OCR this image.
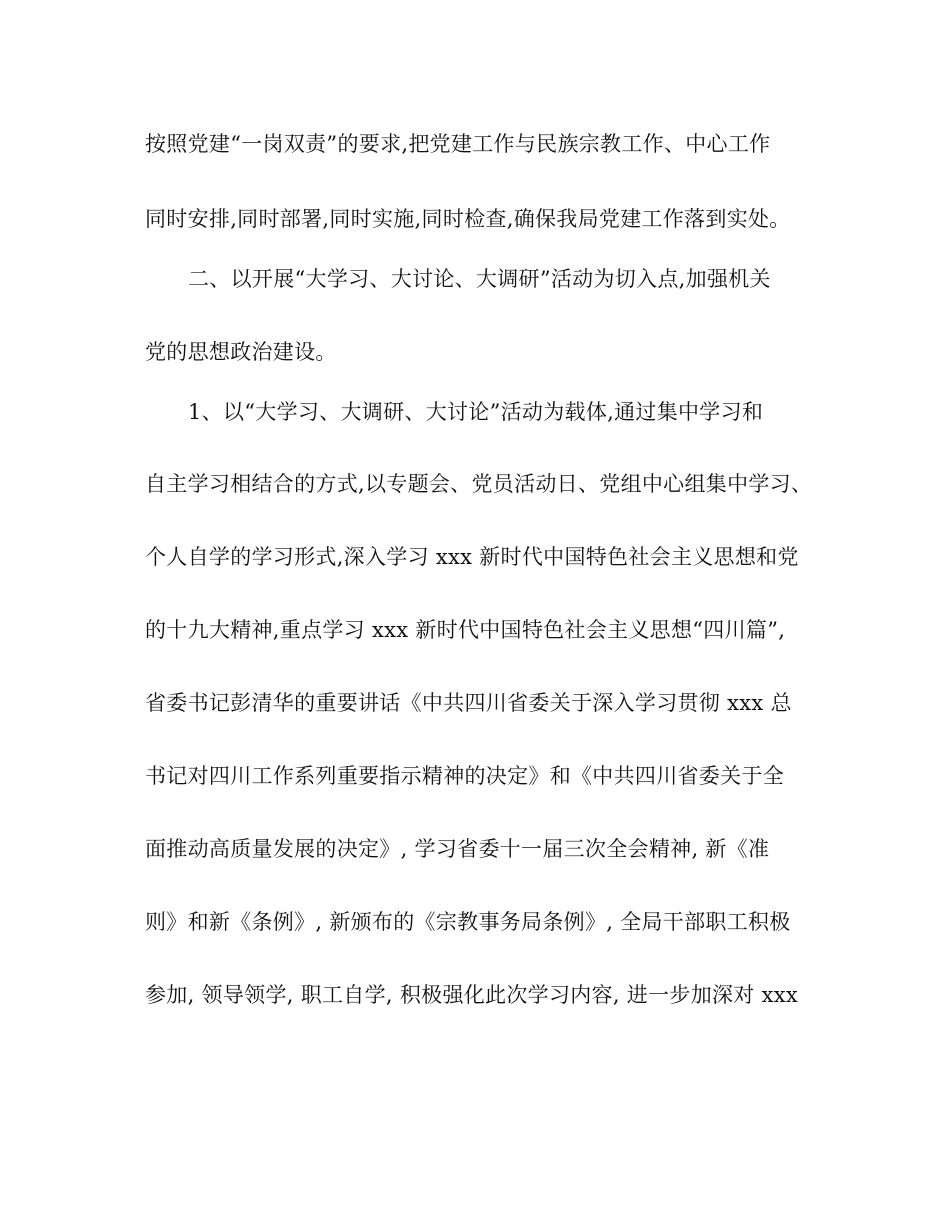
按照党建“一岗双责”的要求,把党建工作与民族宗教工作、中心工作
同时安排,同时部署,同时实施,同时检查,确保我局党建工作落到实处。
二、以开展“大学习、大讨论、大调研”活动为切入点,加强机关
党的思想政治建设。
1、以“大学习、大调研、大讨论”活动为载体,通过集中学习和
自主学习相结合的方式,以专题会、党员活动日、党组中心组集中学习、
个人自学的学习形式,深入学习 xxx 新时代中国特色社会主义思想和党
的十九大精神,重点学习 xxx 新时代中国特色社会主义思想“四川篇”,
省委书记彭清华的重要讲话《中共四川省委关于深入学习贯彻 xxx 总
书记对四川工作系列重要指示精神的决定》和《中共四川省委关于全
面推动高质量发展的决定》, 学习省委十一届三次全会精神, 新《准
则》和新《条例》, 新颁布的《宗教事务局条例》, 全局干部职工积极
参加, 领导领学, 职工自学, 积极强化此次学习内容, 进一步加深对 xxx
